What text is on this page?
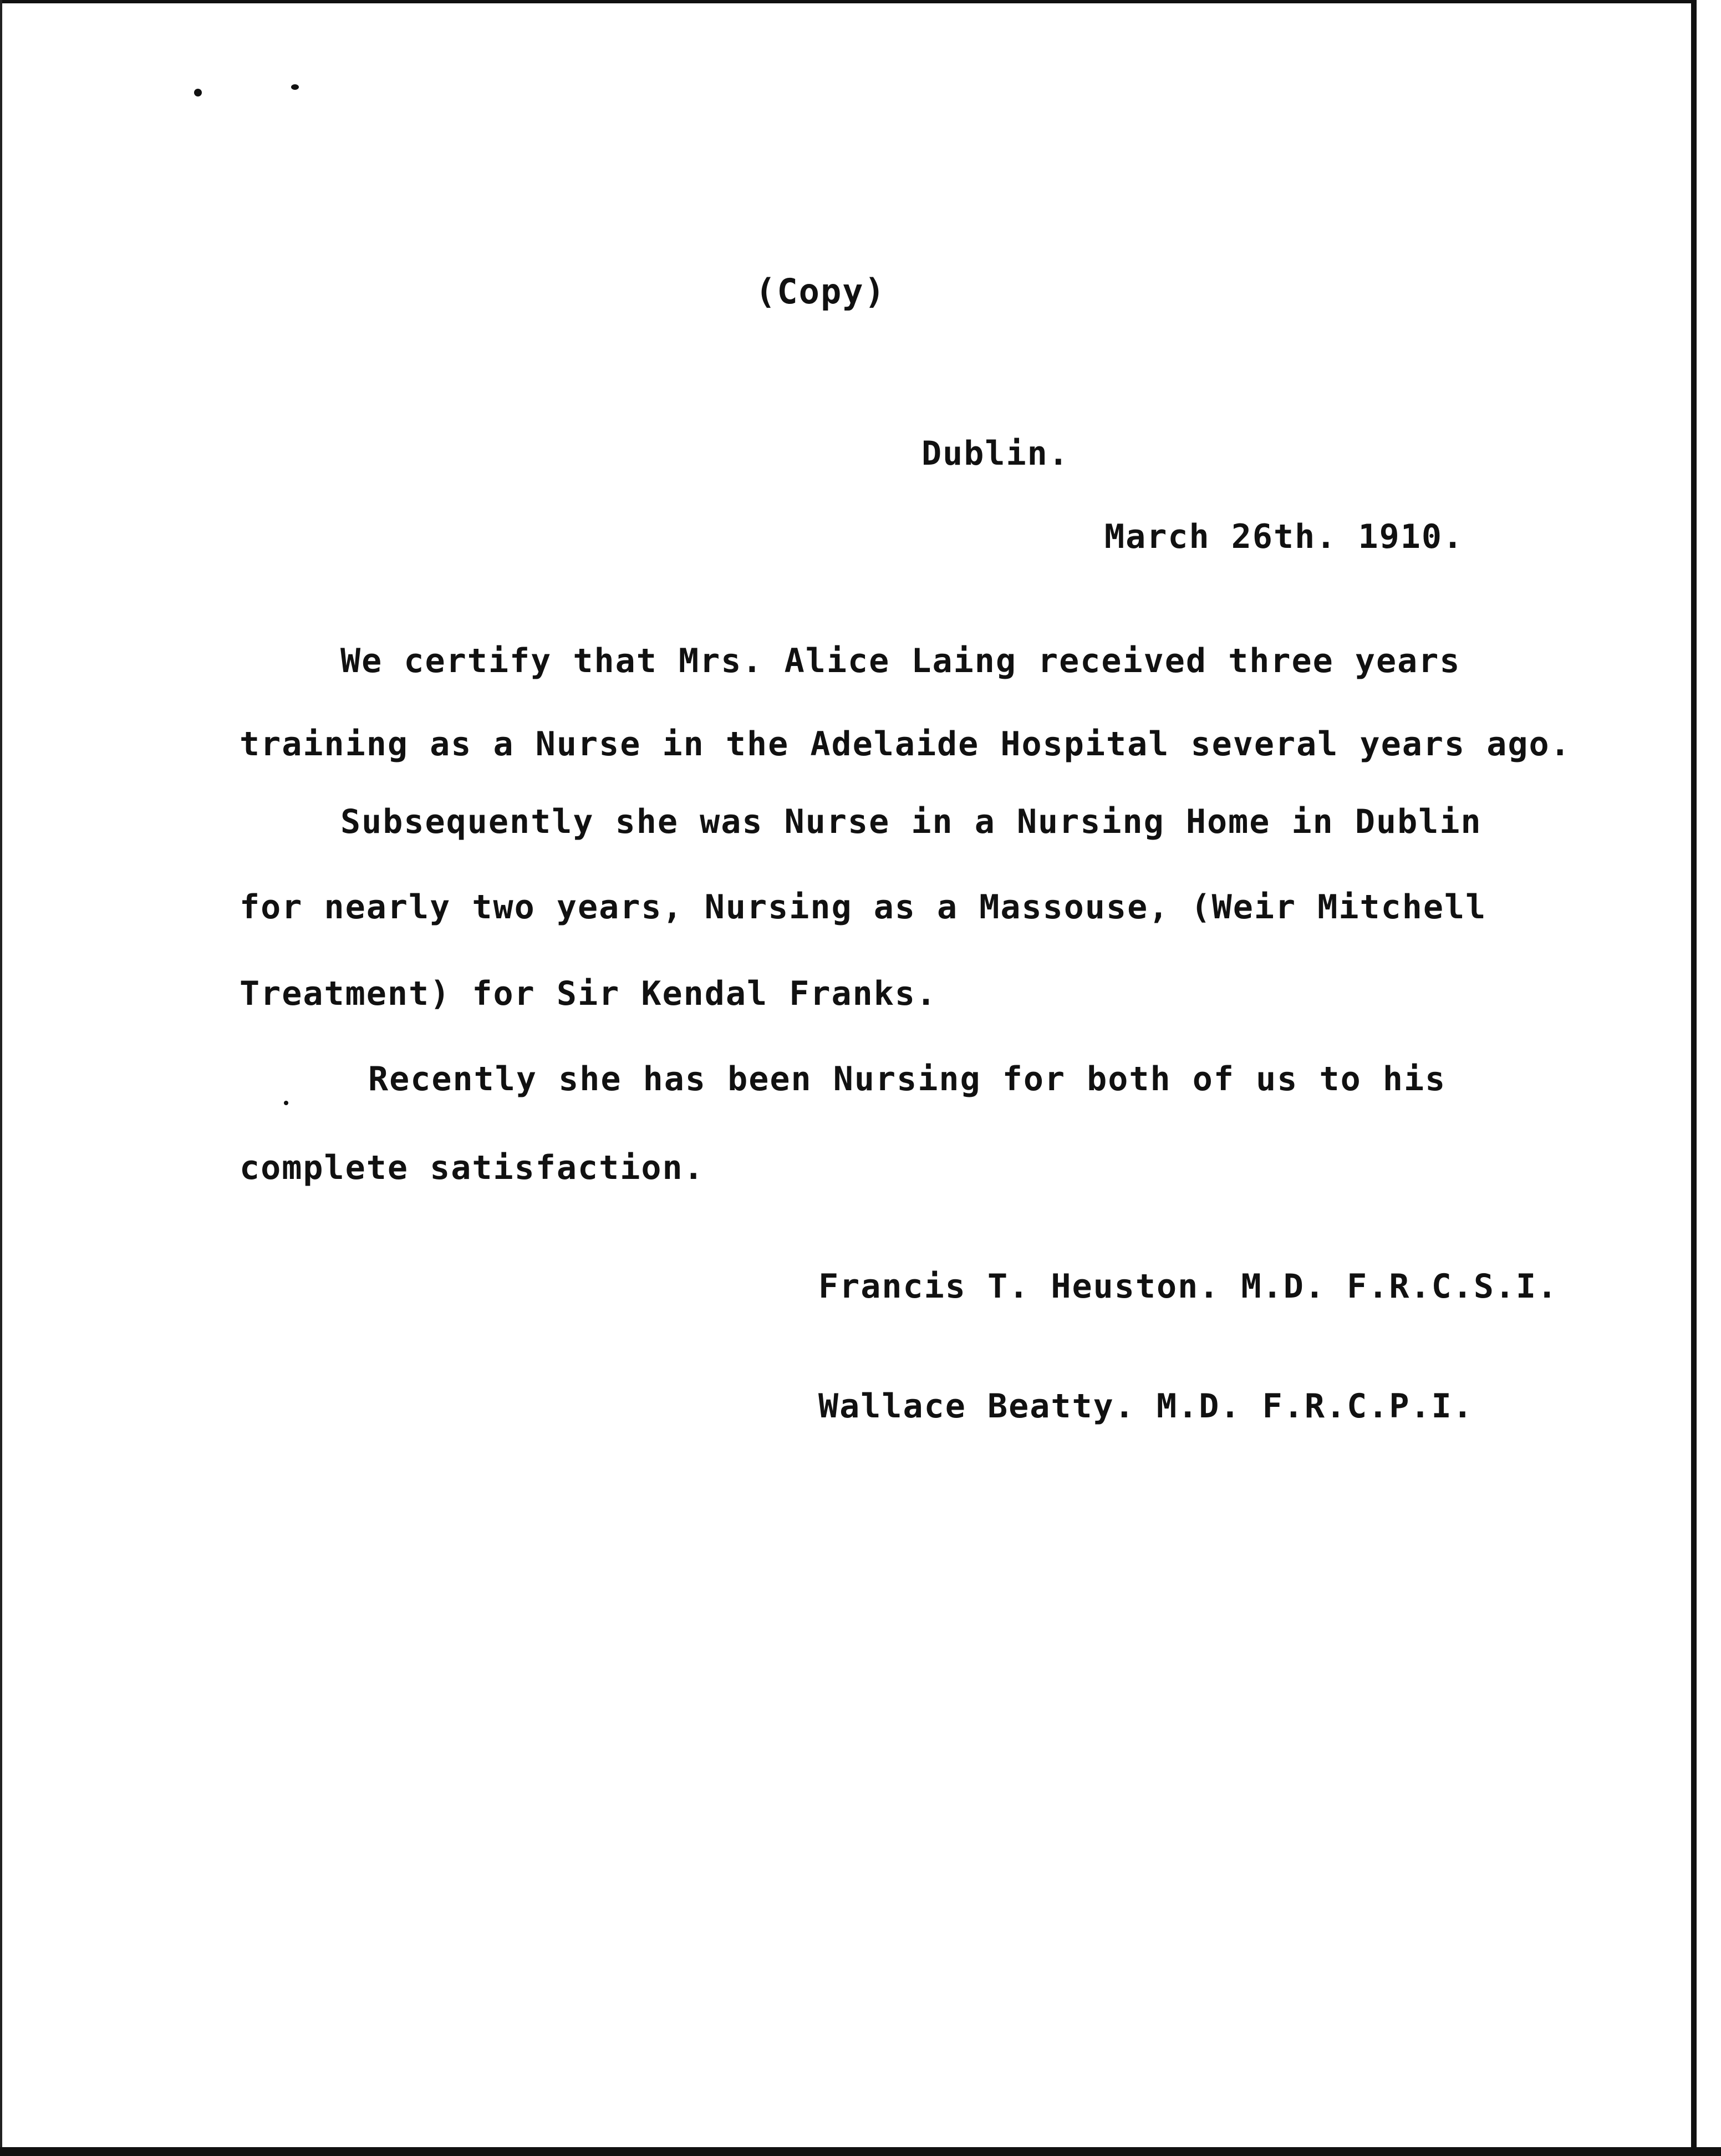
(Copy)
Dublin.
March 26th. 1910.
We certify that Mrs. Alice Laing received three years
training as a Nurse in the Adelaide Hospital several years ago.
Subsequently she was Nurse in a Nursing Home in Dublin
for nearly two years, Nursing as a Massouse, (Weir Mitchell
Treatment) for Sir Kendal Franks.
Recently she has been Nursing for both of us to his
complete satisfaction.
Francis T. Heuston. M.D. F.R.C.S.I.
Wallace Beatty. M.D. F.R.C.P.I.
